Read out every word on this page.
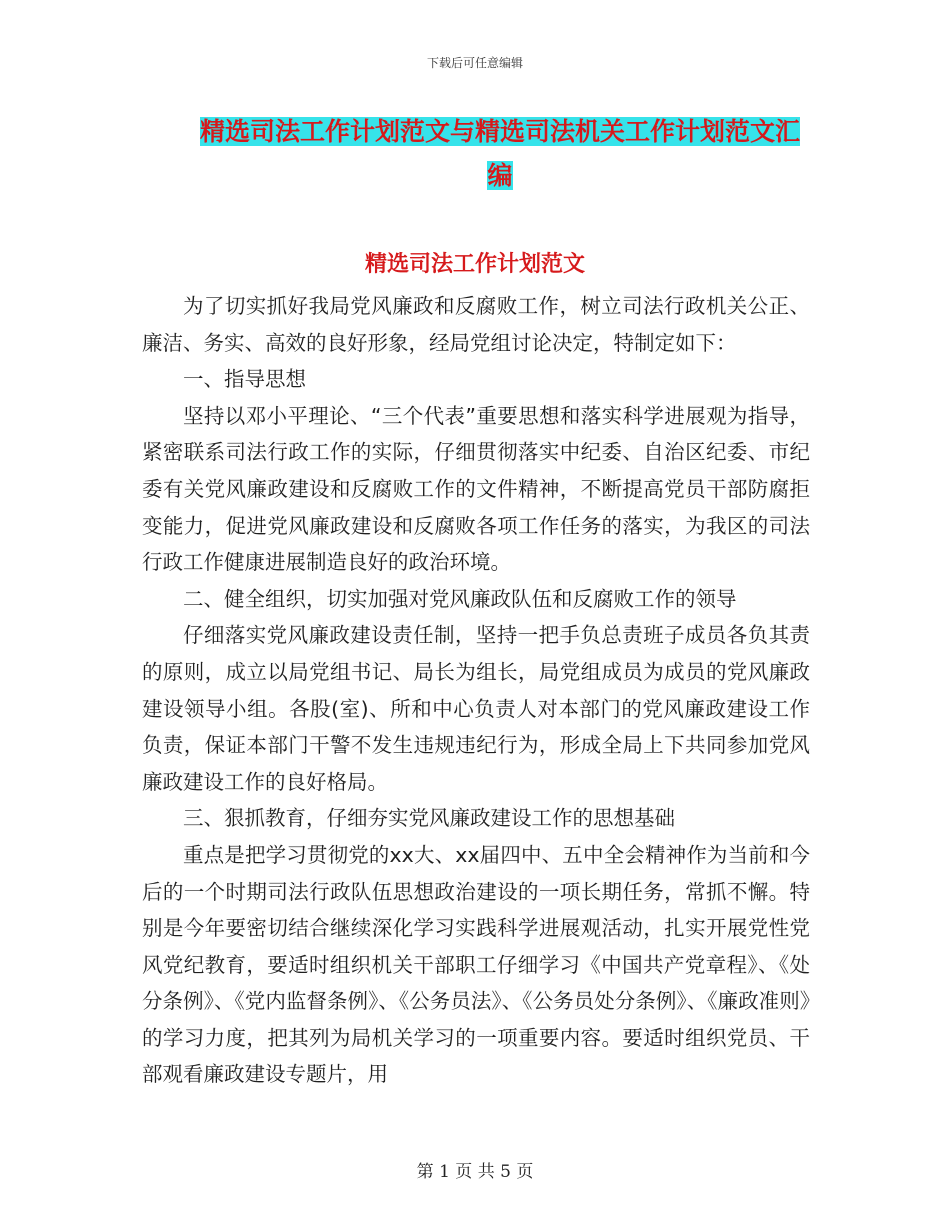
下载后可任意编辑
精选司法工作计划范文与精选司法机关工作计划范文汇编
精选司法工作计划范文

为了切实抓好我局党风廉政和反腐败工作，树立司法行政机关公正、廉洁、务实、高效的良好形象，经局党组讨论决定，特制定如下：

一、指导思想

坚持以邓小平理论、“三个代表”重要思想和落实科学进展观为指导，紧密联系司法行政工作的实际，仔细贯彻落实中纪委、自治区纪委、市纪委有关党风廉政建设和反腐败工作的文件精神，不断提高党员干部防腐拒变能力，促进党风廉政建设和反腐败各项工作任务的落实，为我区的司法行政工作健康进展制造良好的政治环境。

二、健全组织，切实加强对党风廉政队伍和反腐败工作的领导

仔细落实党风廉政建设责任制，坚持一把手负总责班子成员各负其责的原则，成立以局党组书记、局长为组长，局党组成员为成员的党风廉政建设领导小组。各股(室)、所和中心负责人对本部门的党风廉政建设工作负责，保证本部门干警不发生违规违纪行为，形成全局上下共同参加党风廉政建设工作的良好格局。

三、狠抓教育，仔细夯实党风廉政建设工作的思想基础

重点是把学习贯彻党的xx大、xx届四中、五中全会精神作为当前和今后的一个时期司法行政队伍思想政治建设的一项长期任务，常抓不懈。特别是今年要密切结合继续深化学习实践科学进展观活动，扎实开展党性党风党纪教育，要适时组织机关干部职工仔细学习《中国共产党章程》、《处分条例》、《党内监督条例》、《公务员法》、《公务员处分条例》、《廉政准则》的学习力度，把其列为局机关学习的一项重要内容。要适时组织党员、干部观看廉政建设专题片，用

第 1 页 共 5 页
